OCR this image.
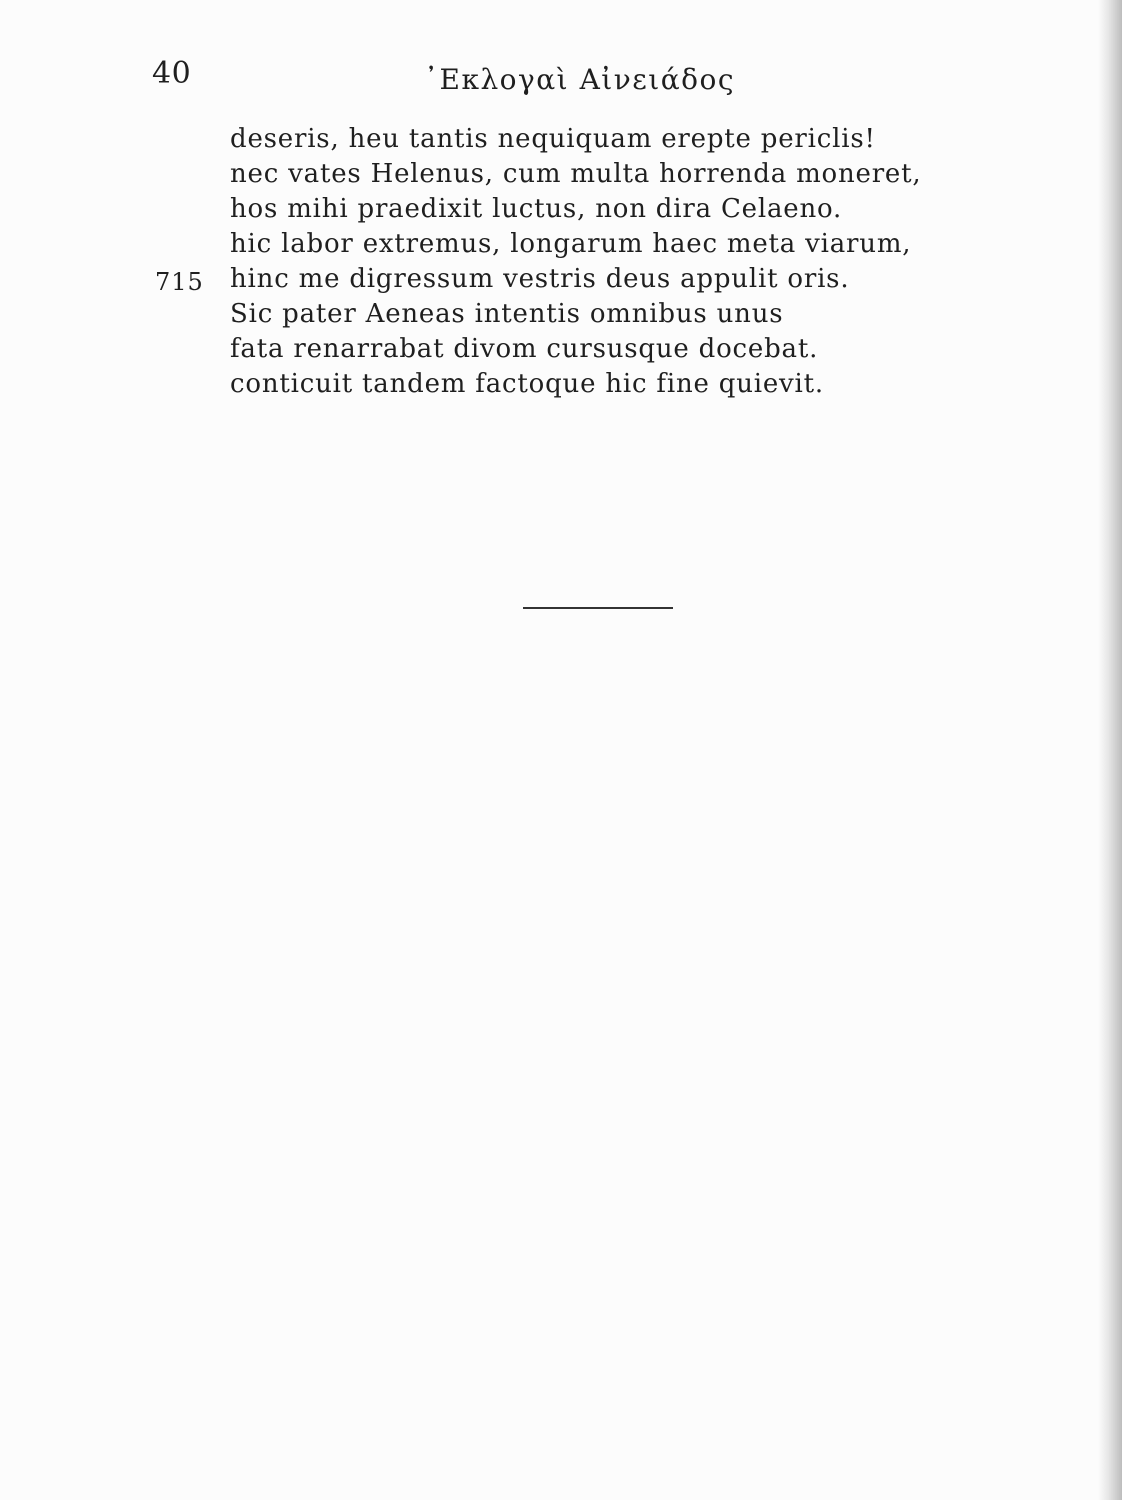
40	᾿Εκλογαὶ Αἰνειάδος
715
deseris, heu tantis nequiquam erepte periclis!
nec vates Helenus, cum multa horrenda moneret,
hos mihi praedixit luctus, non dira Celaeno.
hic labor extremus, longarum haec meta viarum,
hinc me digressum vestris deus appulit oris.
Sic pater Aeneas intentis omnibus unus
fata renarrabat divom cursusque docebat.
conticuit tandem factoque hic fine quievit.
